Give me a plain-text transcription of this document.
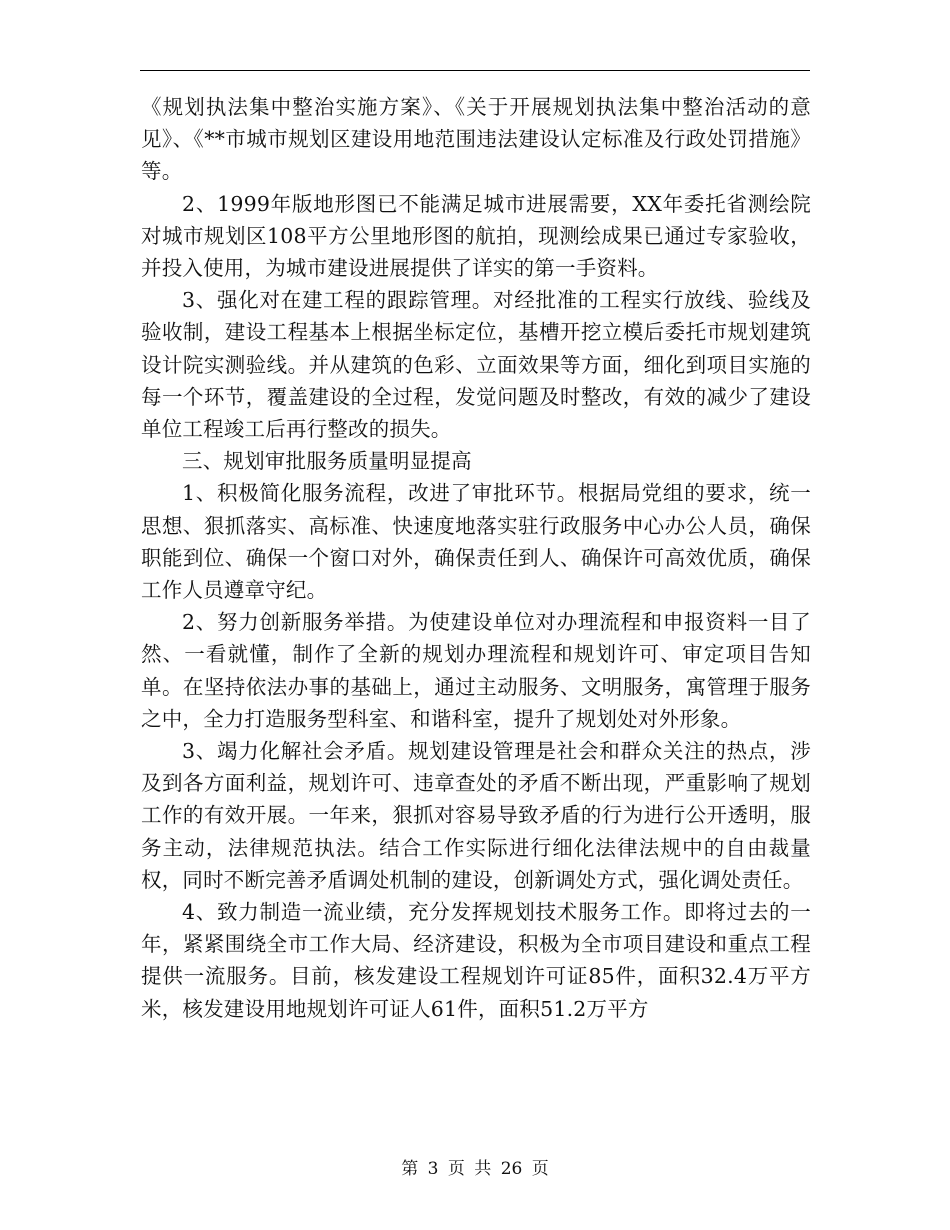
《规划执法集中整治实施方案》、《关于开展规划执法集中整治活动的意见》、《**市城市规划区建设用地范围违法建设认定标准及行政处罚措施》等。

2、1999年版地形图已不能满足城市进展需要，XX年委托省测绘院对城市规划区108平方公里地形图的航拍，现测绘成果已通过专家验收，并投入使用，为城市建设进展提供了详实的第一手资料。

3、强化对在建工程的跟踪管理。对经批准的工程实行放线、验线及验收制，建设工程基本上根据坐标定位，基槽开挖立模后委托市规划建筑设计院实测验线。并从建筑的色彩、立面效果等方面，细化到项目实施的每一个环节，覆盖建设的全过程，发觉问题及时整改，有效的减少了建设单位工程竣工后再行整改的损失。

三、规划审批服务质量明显提高

1、积极简化服务流程，改进了审批环节。根据局党组的要求，统一思想、狠抓落实、高标准、快速度地落实驻行政服务中心办公人员，确保职能到位、确保一个窗口对外，确保责任到人、确保许可高效优质，确保工作人员遵章守纪。

2、努力创新服务举措。为使建设单位对办理流程和申报资料一目了然、一看就懂，制作了全新的规划办理流程和规划许可、审定项目告知单。在坚持依法办事的基础上，通过主动服务、文明服务，寓管理于服务之中，全力打造服务型科室、和谐科室，提升了规划处对外形象。

3、竭力化解社会矛盾。规划建设管理是社会和群众关注的热点，涉及到各方面利益，规划许可、违章查处的矛盾不断出现，严重影响了规划工作的有效开展。一年来，狠抓对容易导致矛盾的行为进行公开透明，服务主动，法律规范执法。结合工作实际进行细化法律法规中的自由裁量权，同时不断完善矛盾调处机制的建设，创新调处方式，强化调处责任。

4、致力制造一流业绩，充分发挥规划技术服务工作。即将过去的一年，紧紧围绕全市工作大局、经济建设，积极为全市项目建设和重点工程提供一流服务。目前，核发建设工程规划许可证85件，面积32.4万平方米，核发建设用地规划许可证人61件，面积51.2万平方

第 3 页 共 26 页
